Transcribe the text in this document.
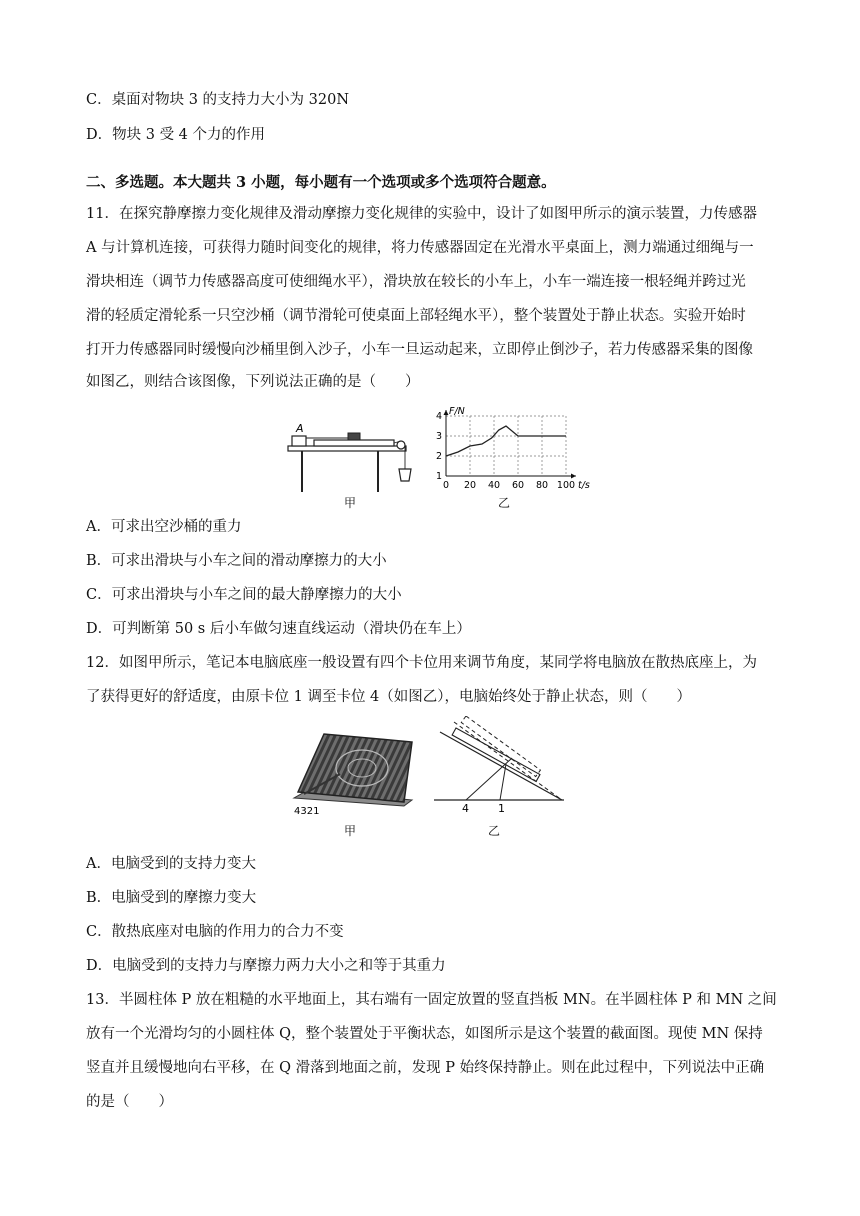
C．桌面对物块 3 的支持力大小为 320N
D．物块 3 受 4 个力的作用
二、多选题。本大题共 3 小题，每小题有一个选项或多个选项符合题意。
11．在探究静摩擦力变化规律及滑动摩擦力变化规律的实验中，设计了如图甲所示的演示装置，力传感器
A 与计算机连接，可获得力随时间变化的规律，将力传感器固定在光滑水平桌面上，测力端通过细绳与一
滑块相连（调节力传感器高度可使细绳水平），滑块放在较长的小车上，小车一端连接一根轻绳并跨过光
滑的轻质定滑轮系一只空沙桶（调节滑轮可使桌面上部轻绳水平），整个装置处于静止状态。实验开始时
打开力传感器同时缓慢向沙桶里倒入沙子，小车一旦运动起来，立即停止倒沙子，若力传感器采集的图像
如图乙，则结合该图像，下列说法正确的是（　　）
A
甲
0 20 40 60 80 100
1
2
3
4
t/s
F/N
乙
A．可求出空沙桶的重力
B．可求出滑块与小车之间的滑动摩擦力的大小
C．可求出滑块与小车之间的最大静摩擦力的大小
D．可判断第 50 s 后小车做匀速直线运动（滑块仍在车上）
12．如图甲所示，笔记本电脑底座一般设置有四个卡位用来调节角度，某同学将电脑放在散热底座上，为
了获得更好的舒适度，由原卡位 1 调至卡位 4（如图乙），电脑始终处于静止状态，则（　　）
4321
甲
4	1
乙
A．电脑受到的支持力变大
B．电脑受到的摩擦力变大
C．散热底座对电脑的作用力的合力不变
D．电脑受到的支持力与摩擦力两力大小之和等于其重力
13．半圆柱体 P 放在粗糙的水平地面上，其右端有一固定放置的竖直挡板 MN。在半圆柱体 P 和 MN 之间
放有一个光滑均匀的小圆柱体 Q，整个装置处于平衡状态，如图所示是这个装置的截面图。现使 MN 保持
竖直并且缓慢地向右平移，在 Q 滑落到地面之前，发现 P 始终保持静止。则在此过程中，下列说法中正确
的是（　　）
